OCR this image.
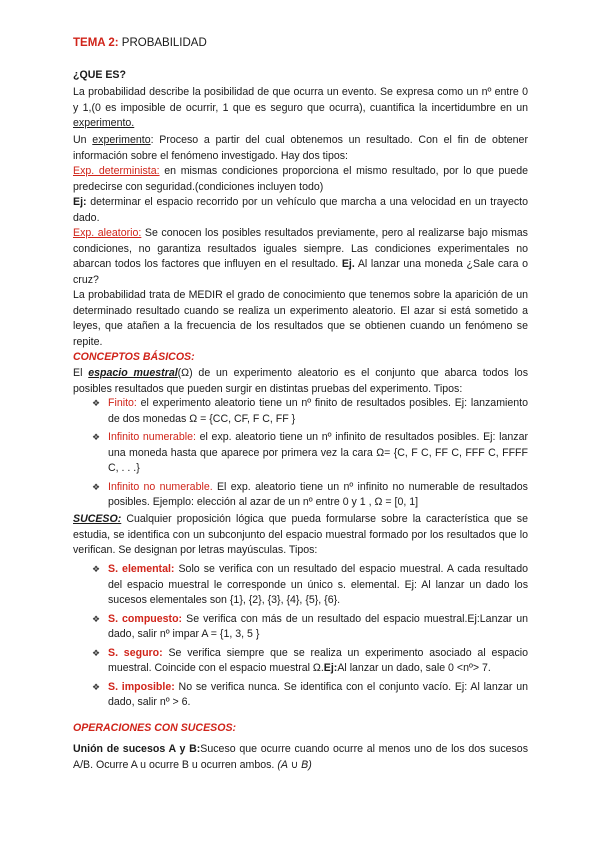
TEMA 2: PROBABILIDAD

¿QUE ES?

La probabilidad describe la posibilidad de que ocurra un evento. Se expresa como un nº entre 0 y 1,(0 es imposible de ocurrir, 1 que es seguro que ocurra), cuantifica la incertidumbre en un experimento.

Un experimento: Proceso a partir del cual obtenemos un resultado. Con el fin de obtener información sobre el fenómeno investigado. Hay dos tipos:

Exp. determinista: en mismas condiciones proporciona el mismo resultado, por lo que puede predecirse con seguridad.(condiciones incluyen todo)

Ej: determinar el espacio recorrido por un vehículo que marcha a una velocidad en un trayecto dado.

Exp. aleatorio: Se conocen los posibles resultados previamente, pero al realizarse bajo mismas condiciones, no garantiza resultados iguales siempre. Las condiciones experimentales no abarcan todos los factores que influyen en el resultado. Ej. Al lanzar una moneda ¿Sale cara o cruz?

La probabilidad trata de MEDIR el grado de conocimiento que tenemos sobre la aparición de un determinado resultado cuando se realiza un experimento aleatorio. El azar si está sometido a leyes, que atañen a la frecuencia de los resultados que se obtienen cuando un fenómeno se repite.

CONCEPTOS BÁSICOS:

El espacio muestral(Ω) de un experimento aleatorio es el conjunto que abarca todos los posibles resultados que pueden surgir en distintas pruebas del experimento. Tipos:

❖ Finito: el experimento aleatorio tiene un nº finito de resultados posibles. Ej: lanzamiento de dos monedas Ω = {CC, CF, F C, FF }
❖ Infinito numerable: el exp. aleatorio tiene un nº infinito de resultados posibles. Ej: lanzar una moneda hasta que aparece por primera vez la cara Ω= {C, F C, FF C, FFF C, FFFF C, . . .}
❖ Infinito no numerable. El exp. aleatorio tiene un nº infinito no numerable de resultados posibles. Ejemplo: elección al azar de un nº entre 0 y 1 , Ω = [0, 1]

SUCESO: Cualquier proposición lógica que pueda formularse sobre la característica que se estudia, se identifica con un subconjunto del espacio muestral formado por los resultados que lo verifican. Se designan por letras mayúsculas. Tipos:

❖ S. elemental: Solo se verifica con un resultado del espacio muestral. A cada resultado del espacio muestral le corresponde un único s. elemental. Ej: Al lanzar un dado los sucesos elementales son {1}, {2}, {3}, {4}, {5}, {6}.
❖ S. compuesto: Se verifica con más de un resultado del espacio muestral.Ej:Lanzar un dado, salir nº impar A = {1, 3, 5 }
❖ S. seguro: Se verifica siempre que se realiza un experimento asociado al espacio muestral. Coincide con el espacio muestral Ω.Ej:Al lanzar un dado, sale 0 <nº> 7.
❖ S. imposible: No se verifica nunca. Se identifica con el conjunto vacío. Ej: Al lanzar un dado, salir nº > 6.

OPERACIONES CON SUCESOS:

Unión de sucesos A y B:Suceso que ocurre cuando ocurre al menos uno de los dos sucesos A/B. Ocurre A u ocurre B u ocurren ambos. (A ∪ B)
